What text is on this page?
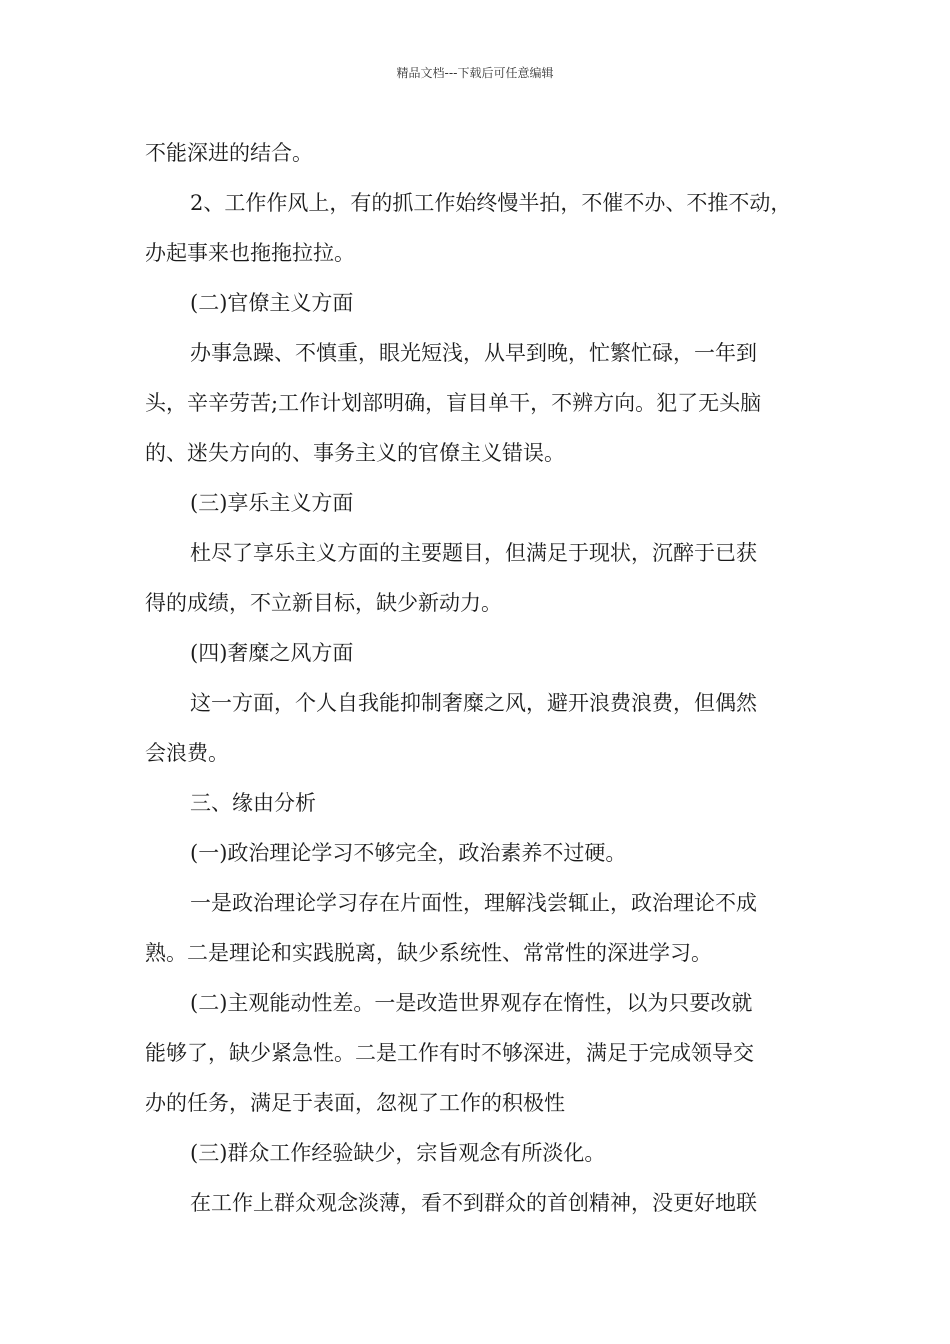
精品文档---下载后可任意编辑
不能深进的结合。
2、工作作风上，有的抓工作始终慢半拍，不催不办、不推不动，
办起事来也拖拖拉拉。
(二)官僚主义方面
办事急躁、不慎重，眼光短浅，从早到晚，忙繁忙碌，一年到
头，辛辛劳苦;工作计划部明确，盲目单干，不辨方向。犯了无头脑
的、迷失方向的、事务主义的官僚主义错误。
(三)享乐主义方面
杜尽了享乐主义方面的主要题目，但满足于现状，沉醉于已获
得的成绩，不立新目标，缺少新动力。
(四)奢糜之风方面
这一方面，个人自我能抑制奢糜之风，避开浪费浪费，但偶然
会浪费。
三、缘由分析
(一)政治理论学习不够完全，政治素养不过硬。
一是政治理论学习存在片面性，理解浅尝辄止，政治理论不成
熟。二是理论和实践脱离，缺少系统性、常常性的深进学习。
(二)主观能动性差。一是改造世界观存在惰性，以为只要改就
能够了，缺少紧急性。二是工作有时不够深进，满足于完成领导交
办的任务，满足于表面，忽视了工作的积极性
(三)群众工作经验缺少，宗旨观念有所淡化。
在工作上群众观念淡薄，看不到群众的首创精神，没更好地联
